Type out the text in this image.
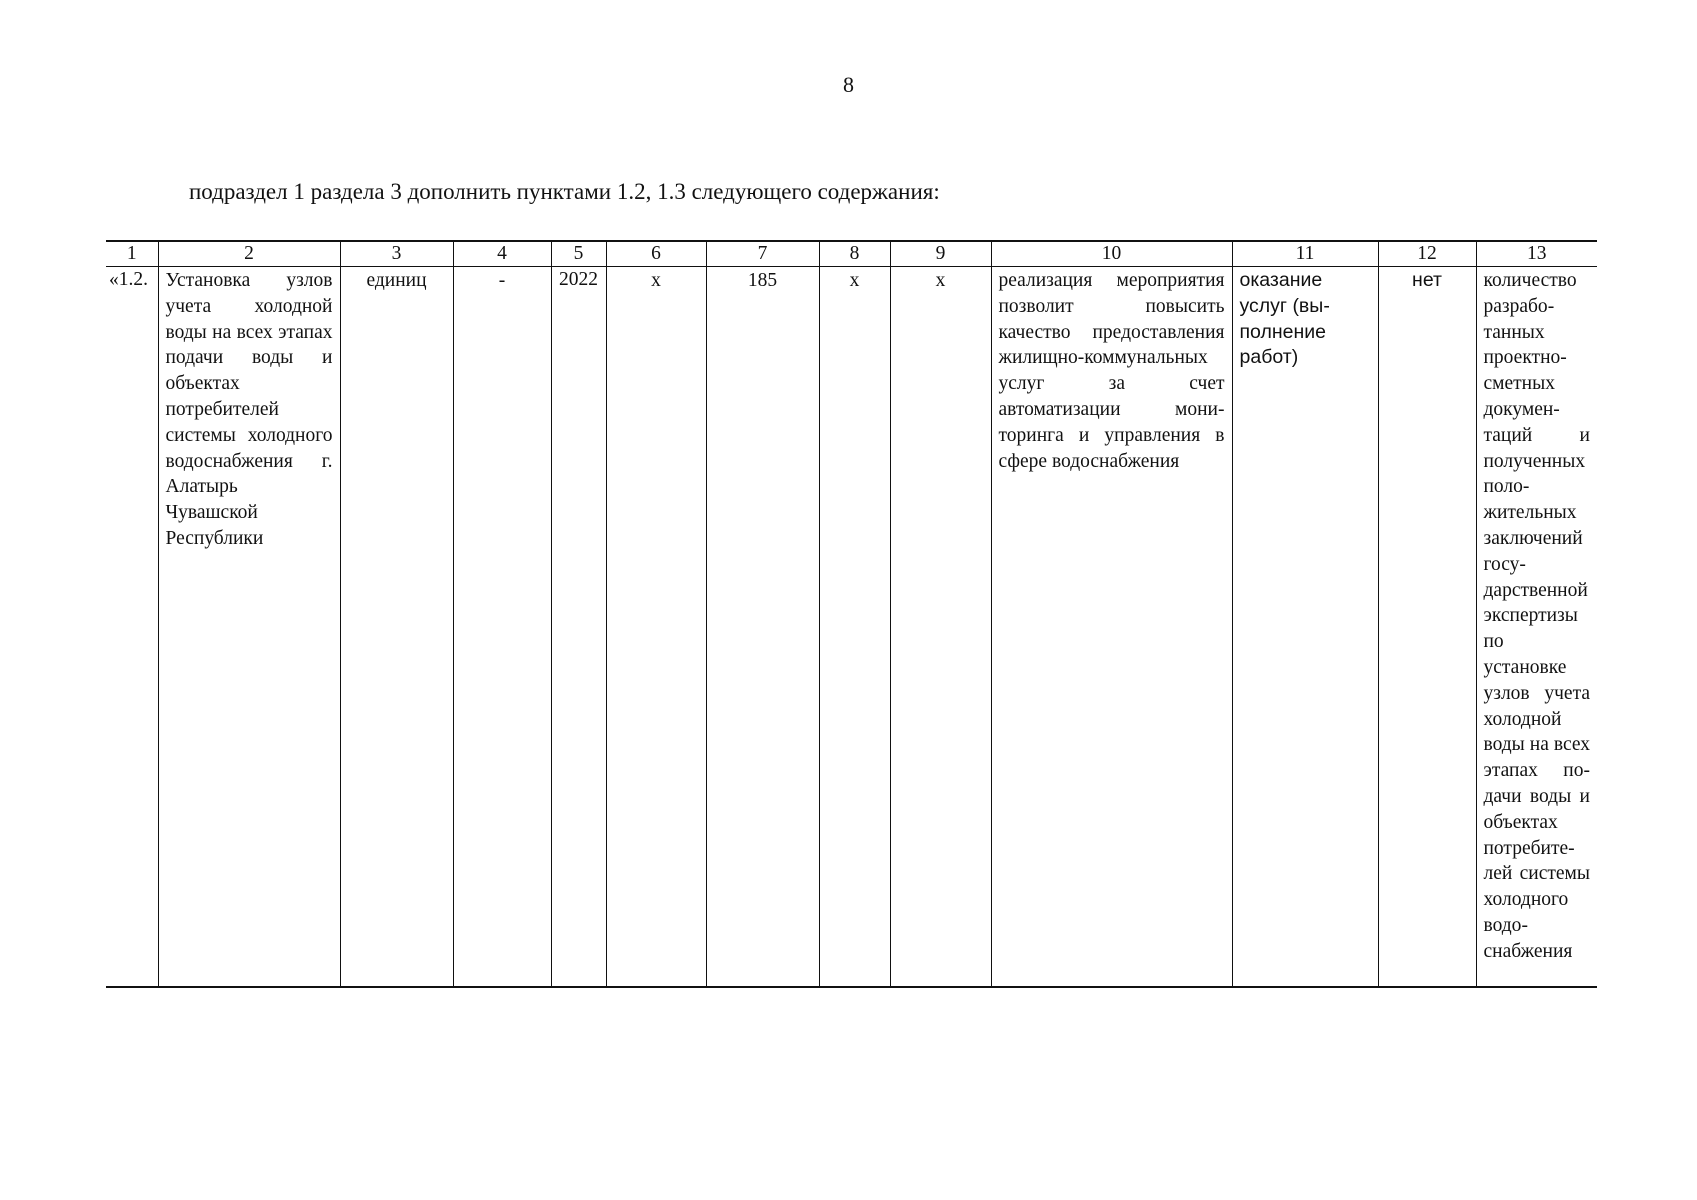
8
подраздел 1 раздела 3 дополнить пунктами 1.2, 1.3 следующего содержания:
1	2	3	4	5	6	7	8	9	10	11	12	13
«1.2.	Установка узлов учета холодной воды на всех этапах подачи воды и объектах потребителей системы холодного водоснабжения г. Алатырь Чувашской Республики	единиц	-	2022	х	185	х	х	реализация мероприятия позволит повысить качество предоставления жилищно-коммунальных услуг за счет автоматизации мониторинга и управления в сфере водоснабжения	оказание услуг (выполнение работ)	нет	количество разработанных проектно-сметных документаций и полученных положительных заключений государственной экспертизы по установке узлов учета холодной воды на всех этапах подачи воды и объектах потребителей системы холодного водоснабжения
